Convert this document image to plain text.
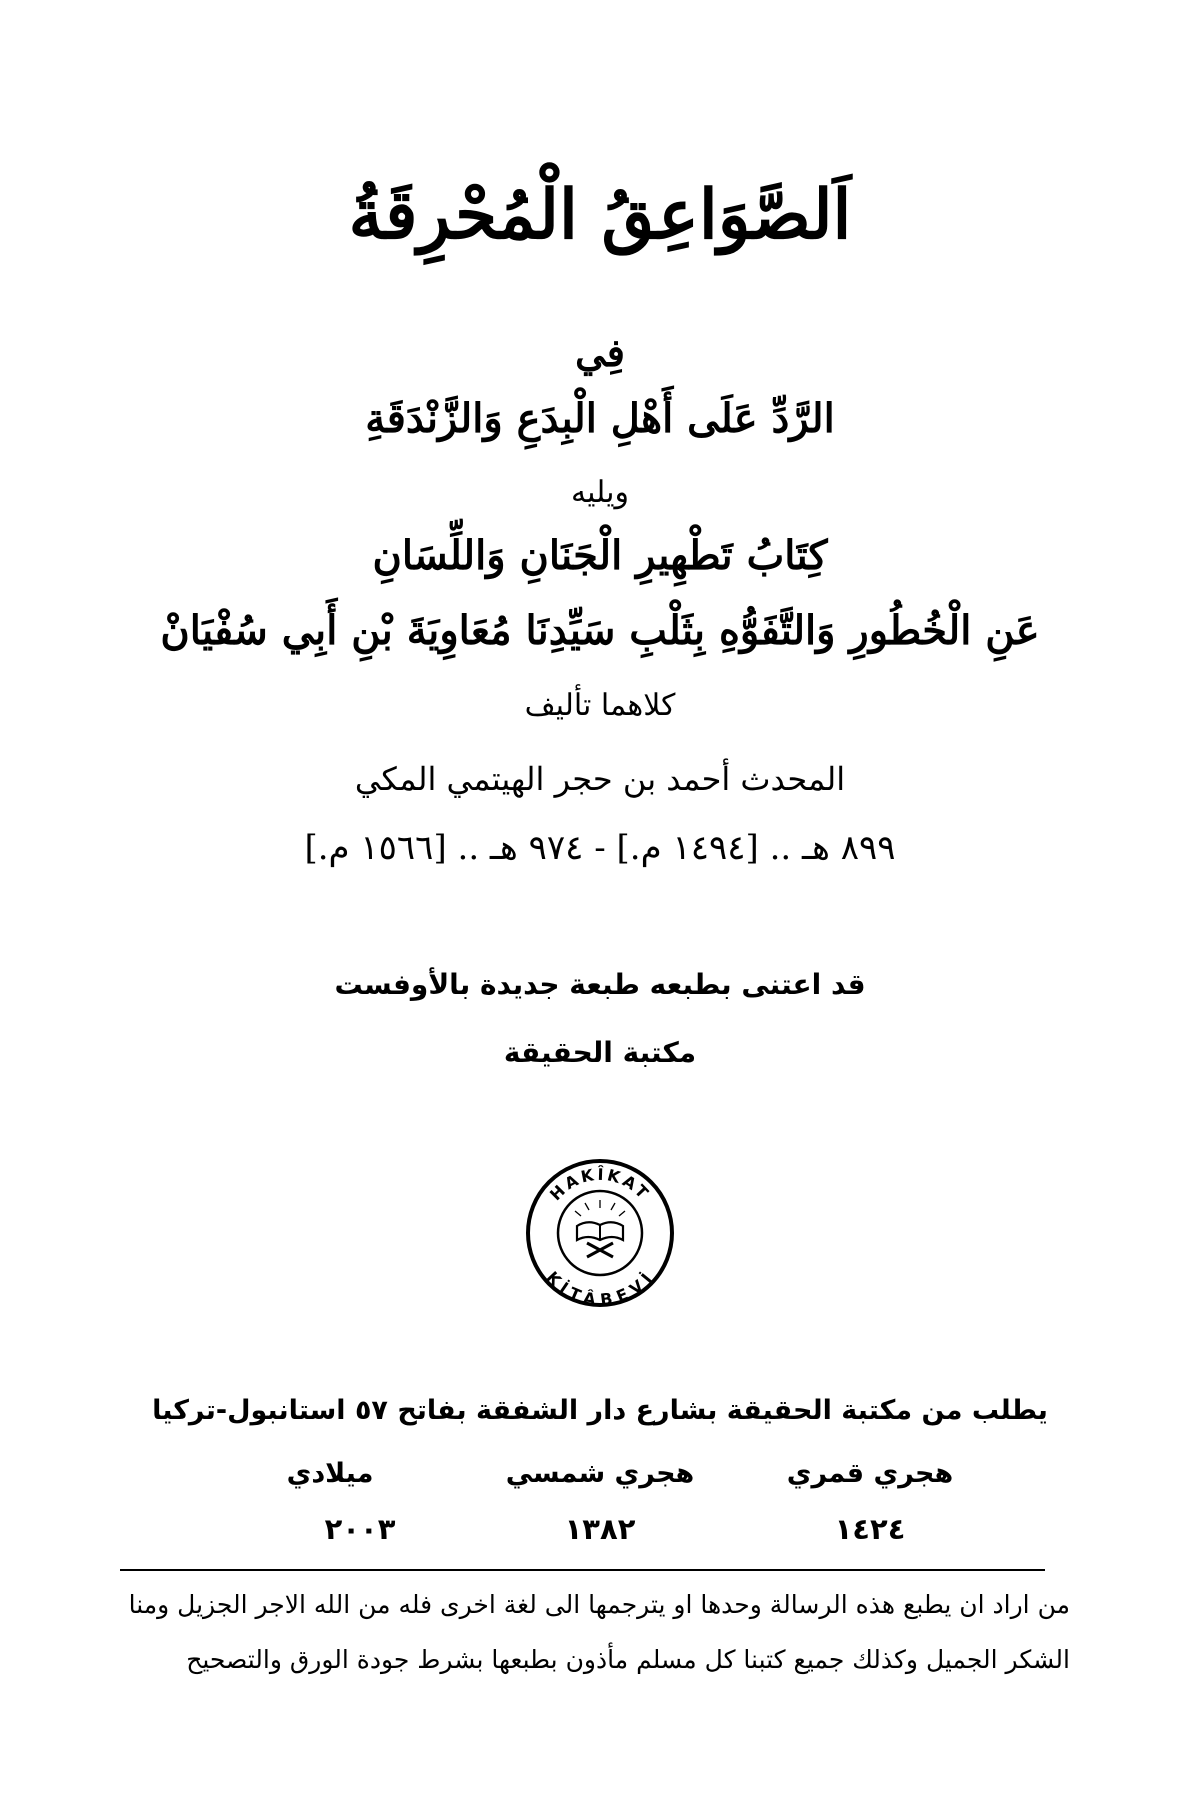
اَلصَّوَاعِقُ الْمُحْرِقَةُ
فِي
الرَّدِّ عَلَى أَهْلِ الْبِدَعِ وَالزَّنْدَقَةِ
ويليه
كِتَابُ تَطْهِيرِ الْجَنَانِ وَاللِّسَانِ
عَنِ الْخُطُورِ وَالتَّفَوُّهِ بِثَلْبِ سَيِّدِنَا مُعَاوِيَةَ بْنِ أَبِي سُفْيَانْ
كلاهما تأليف
المحدث أحمد بن حجر الهيتمي المكي
٨٩٩ هـ .. [١٤٩٤ م.] - ٩٧٤ هـ .. [١٥٦٦ م.]
قد اعتنى بطبعه طبعة جديدة بالأوفست
مكتبة الحقيقة
HAKÎKAT
KİTÂBEVİ
يطلب من مكتبة الحقيقة بشارع دار الشفقة بفاتح ٥٧ استانبول-تركيا
هجري قمري
هجري شمسي
ميلادي
١٤٢٤
١٣٨٢
٢٠٠٣
من اراد ان يطبع هذه الرسالة وحدها او يترجمها الى لغة اخرى فله من الله الاجر الجزيل ومنا
الشكر الجميل وكذلك جميع كتبنا كل مسلم مأذون بطبعها بشرط جودة الورق والتصحيح
